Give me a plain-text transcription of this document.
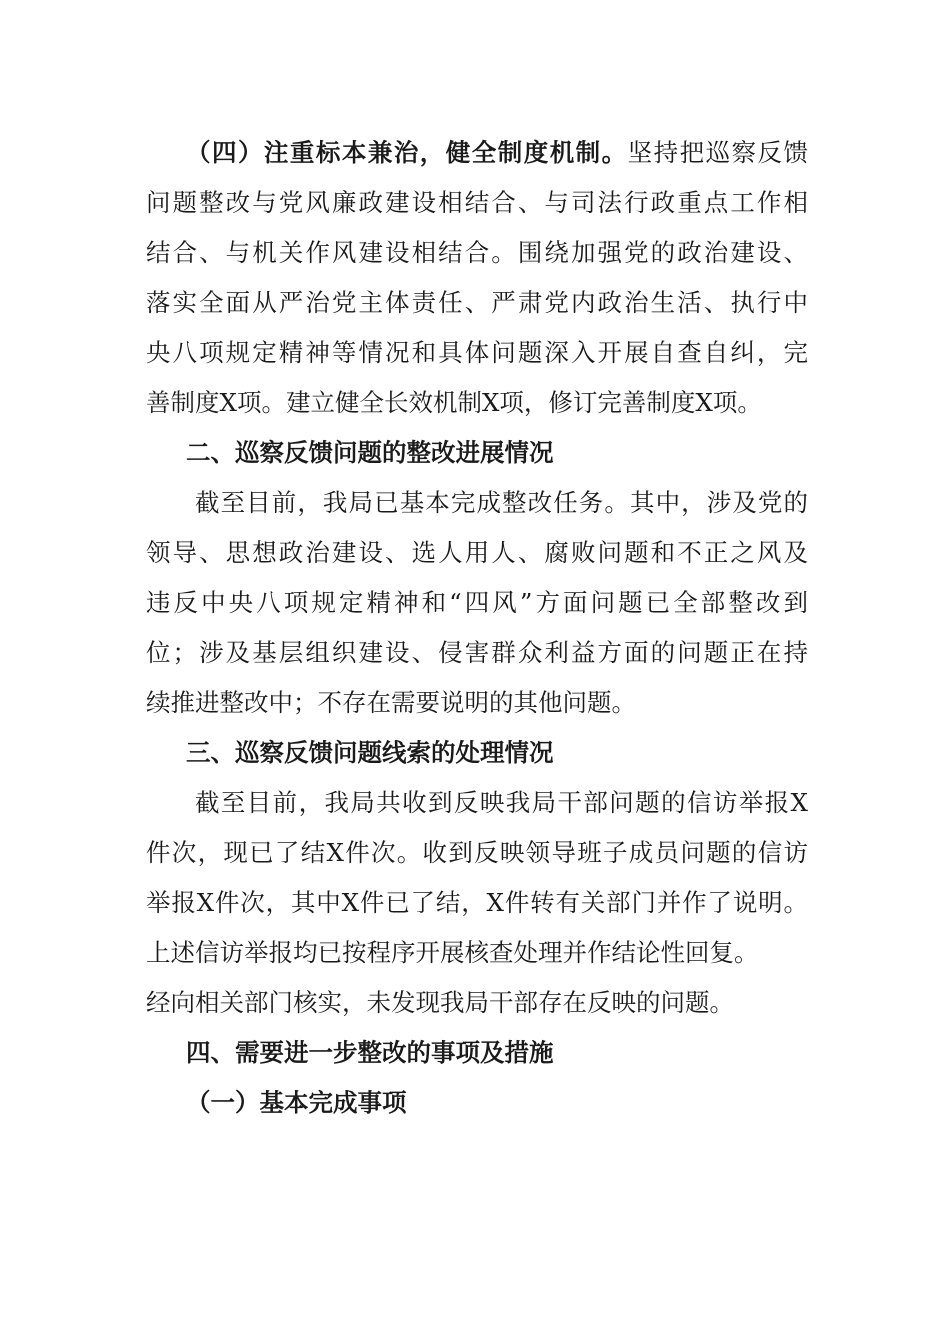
（四）注重标本兼治，健全制度机制。坚持把巡察反馈
问题整改与党风廉政建设相结合、与司法行政重点工作相
结合、与机关作风建设相结合。围绕加强党的政治建设、
落实全面从严治党主体责任、严肃党内政治生活、执行中
央八项规定精神等情况和具体问题深入开展自查自纠，完
善制度X项。建立健全长效机制X项，修订完善制度X项。
二、巡察反馈问题的整改进展情况
截至目前，我局已基本完成整改任务。其中，涉及党的
领导、思想政治建设、选人用人、腐败问题和不正之风及
违反中央八项规定精神和“四风”方面问题已全部整改到
位；涉及基层组织建设、侵害群众利益方面的问题正在持
续推进整改中；不存在需要说明的其他问题。
三、巡察反馈问题线索的处理情况
截至目前，我局共收到反映我局干部问题的信访举报X
件次，现已了结X件次。收到反映领导班子成员问题的信访
举报X件次，其中X件已了结，X件转有关部门并作了说明。
上述信访举报均已按程序开展核查处理并作结论性回复。
经向相关部门核实，未发现我局干部存在反映的问题。
四、需要进一步整改的事项及措施
（一）基本完成事项
